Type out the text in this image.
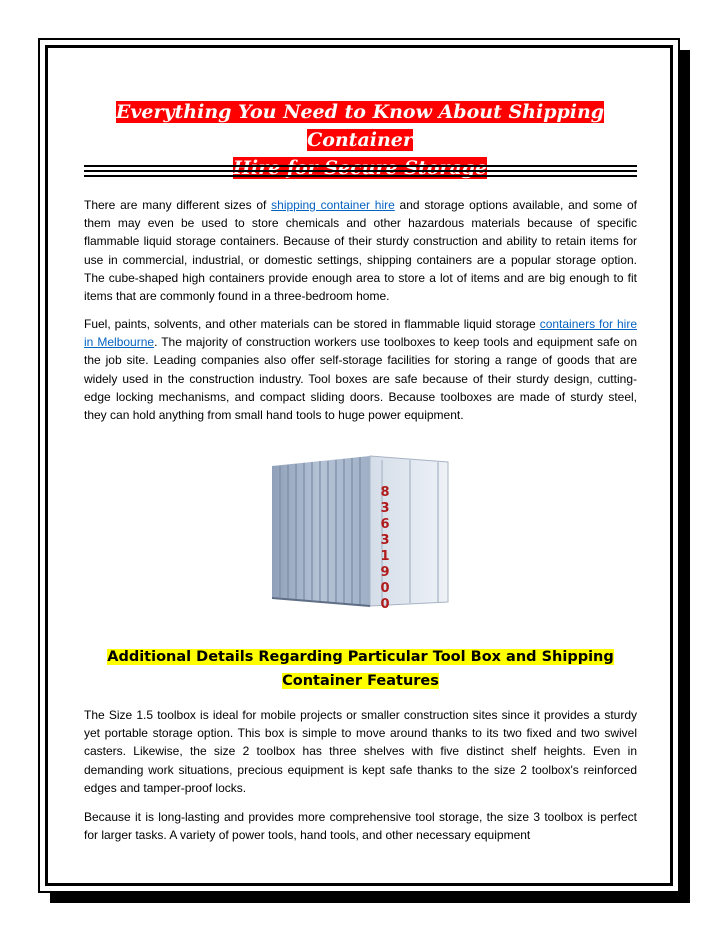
Everything You Need to Know About Shipping Container
Hire for Secure Storage
There are many different sizes of shipping container hire and storage options available, and some of them may even be used to store chemicals and other hazardous materials because of specific flammable liquid storage containers. Because of their sturdy construction and ability to retain items for use in commercial, industrial, or domestic settings, shipping containers are a popular storage option. The cube-shaped high containers provide enough area to store a lot of items and are big enough to fit items that are commonly found in a three-bedroom home.
Fuel, paints, solvents, and other materials can be stored in flammable liquid storage containers for hire in Melbourne. The majority of construction workers use toolboxes to keep tools and equipment safe on the job site. Leading companies also offer self-storage facilities for storing a range of goods that are widely used in the construction industry. Tool boxes are safe because of their sturdy design, cutting-edge locking mechanisms, and compact sliding doors. Because toolboxes are made of sturdy steel, they can hold anything from small hand tools to huge power equipment.
8
3
6
3
1
9
0
0
Additional Details Regarding Particular Tool Box and Shipping
Container Features
The Size 1.5 toolbox is ideal for mobile projects or smaller construction sites since it provides a sturdy yet portable storage option. This box is simple to move around thanks to its two fixed and two swivel casters. Likewise, the size 2 toolbox has three shelves with five distinct shelf heights. Even in demanding work situations, precious equipment is kept safe thanks to the size 2 toolbox's reinforced edges and tamper-proof locks.
Because it is long-lasting and provides more comprehensive tool storage, the size 3 toolbox is perfect for larger tasks. A variety of power tools, hand tools, and other necessary equipment
